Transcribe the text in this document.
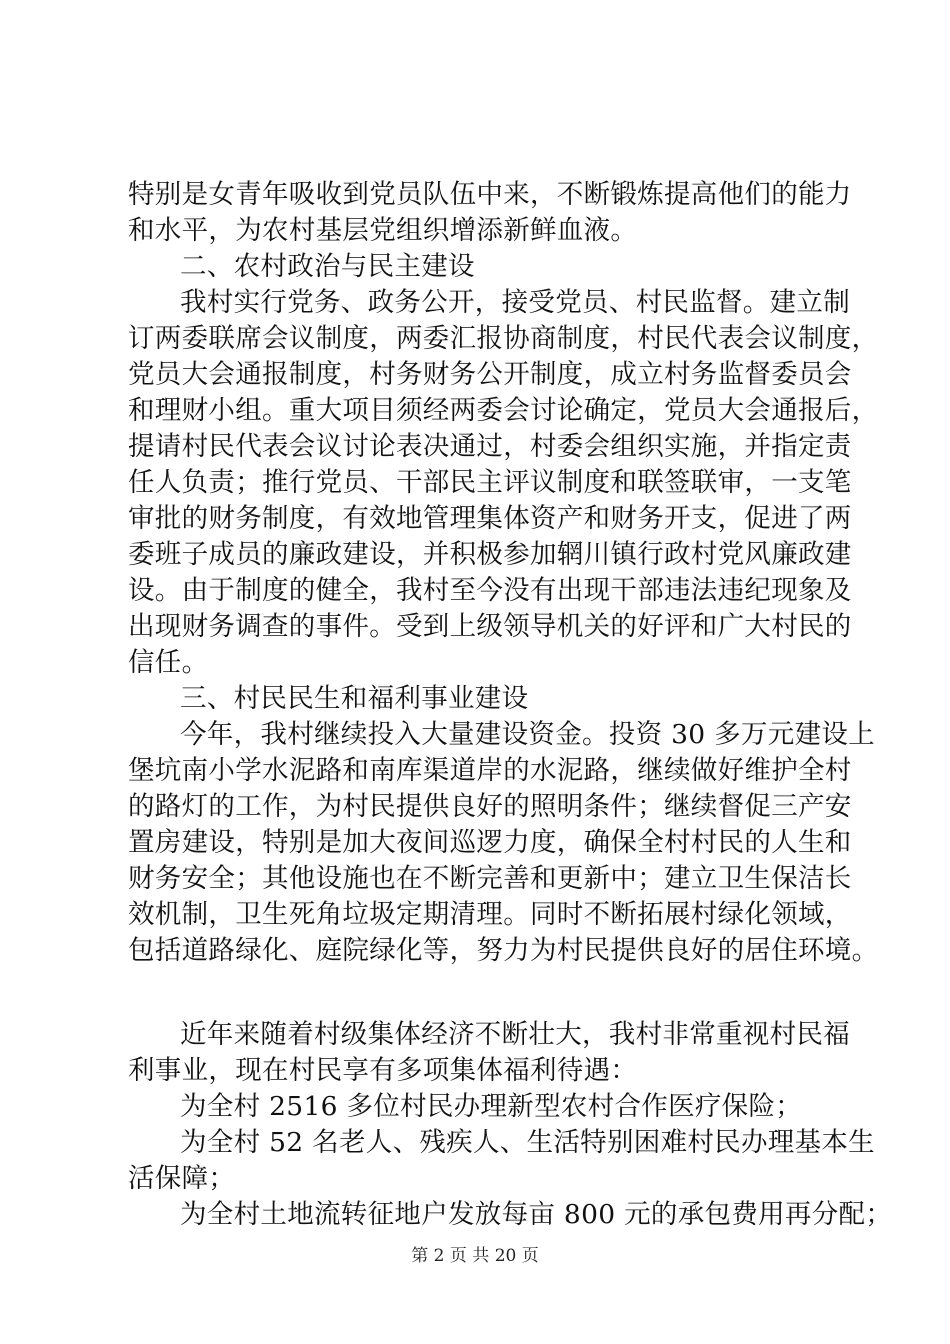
特别是女青年吸收到党员队伍中来，不断锻炼提高他们的能力
和水平，为农村基层党组织增添新鲜血液。
二、农村政治与民主建设
我村实行党务、政务公开，接受党员、村民监督。建立制
订两委联席会议制度，两委汇报协商制度，村民代表会议制度，
党员大会通报制度，村务财务公开制度，成立村务监督委员会
和理财小组。重大项目须经两委会讨论确定，党员大会通报后，
提请村民代表会议讨论表决通过，村委会组织实施，并指定责
任人负责；推行党员、干部民主评议制度和联签联审，一支笔
审批的财务制度，有效地管理集体资产和财务开支，促进了两
委班子成员的廉政建设，并积极参加辋川镇行政村党风廉政建
设。由于制度的健全，我村至今没有出现干部违法违纪现象及
出现财务调查的事件。受到上级领导机关的好评和广大村民的
信任。
三、村民民生和福利事业建设
今年，我村继续投入大量建设资金。投资 30 多万元建设上
堡坑南小学水泥路和南库渠道岸的水泥路，继续做好维护全村
的路灯的工作，为村民提供良好的照明条件；继续督促三产安
置房建设，特别是加大夜间巡逻力度，确保全村村民的人生和
财务安全；其他设施也在不断完善和更新中；建立卫生保洁长
效机制，卫生死角垃圾定期清理。同时不断拓展村绿化领域，
包括道路绿化、庭院绿化等，努力为村民提供良好的居住环境。
近年来随着村级集体经济不断壮大，我村非常重视村民福
利事业，现在村民享有多项集体福利待遇：
为全村 2516 多位村民办理新型农村合作医疗保险；
为全村 52 名老人、残疾人、生活特别困难村民办理基本生
活保障；
为全村土地流转征地户发放每亩 800 元的承包费用再分配；
第 2 页 共 20 页
